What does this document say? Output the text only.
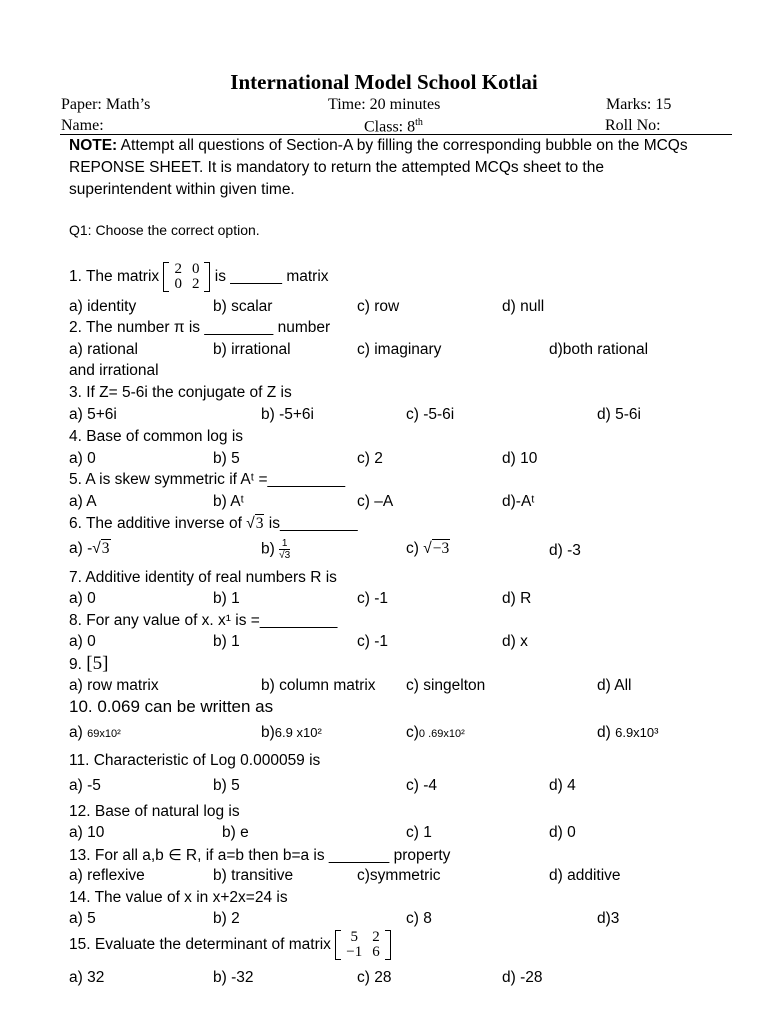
International Model School Kotlai
Paper: Math’s	Time: 20 minutes	Marks: 15
Name:	Class: 8th	Roll No:
NOTE: Attempt all questions of Section-A by filling the corresponding bubble on the MCQs REPONSE SHEET. It is mandatory to return the attempted MCQs sheet to the superintendent within given time.
Q1: Choose the correct option.
1. The matrix 2	0
0	2 is ______ matrix
a) identity	b) scalar	c) row	d) null
2. The number π is ________ number
a) rational	b) irrational	c) imaginary	d)both rational
and irrational
3. If Z= 5-6i the conjugate of Z is
a) 5+6i	b) -5+6i	c) -5-6i	d) 5-6i
4. Base of common log is
a) 0	b) 5	c) 2	d) 10
5. A is skew symmetric if Aᵗ =_________
a) A	b) Aᵗ	c) –A	d)-Aᵗ
6. The additive inverse of √3 is_________
a) -√3	$b) \frac{1}{√3}$	c) √−3	d) -3
7. Additive identity of real numbers R is
a) 0	b) 1	c) -1	d) R
8. For any value of x. x¹ is =_________
a) 0	b) 1	c) -1	d) x
9. [5]
a) row matrix	b) column matrix c) singelton	d) All
10. 0.069 can be written as
a) 69x10²	b)6.9 x10²	c)0 .69x10²	d) 6.9x10³
11. Characteristic of Log 0.000059 is
a) -5	b) 5	c) -4	d) 4
12. Base of natural log is
a) 10	b) e	c) 1	d) 0
13. For all a,b ∈ R, if a=b then b=a is _______ property
a) reflexive	b) transitive	c)symmetric	d) additive
14. The value of x in x+2x=24 is
a) 5	b) 2	c) 8	d)3
15. Evaluate the determinant of matrix 5	2
−1	6
a) 32	b) -32	c) 28	d) -28
